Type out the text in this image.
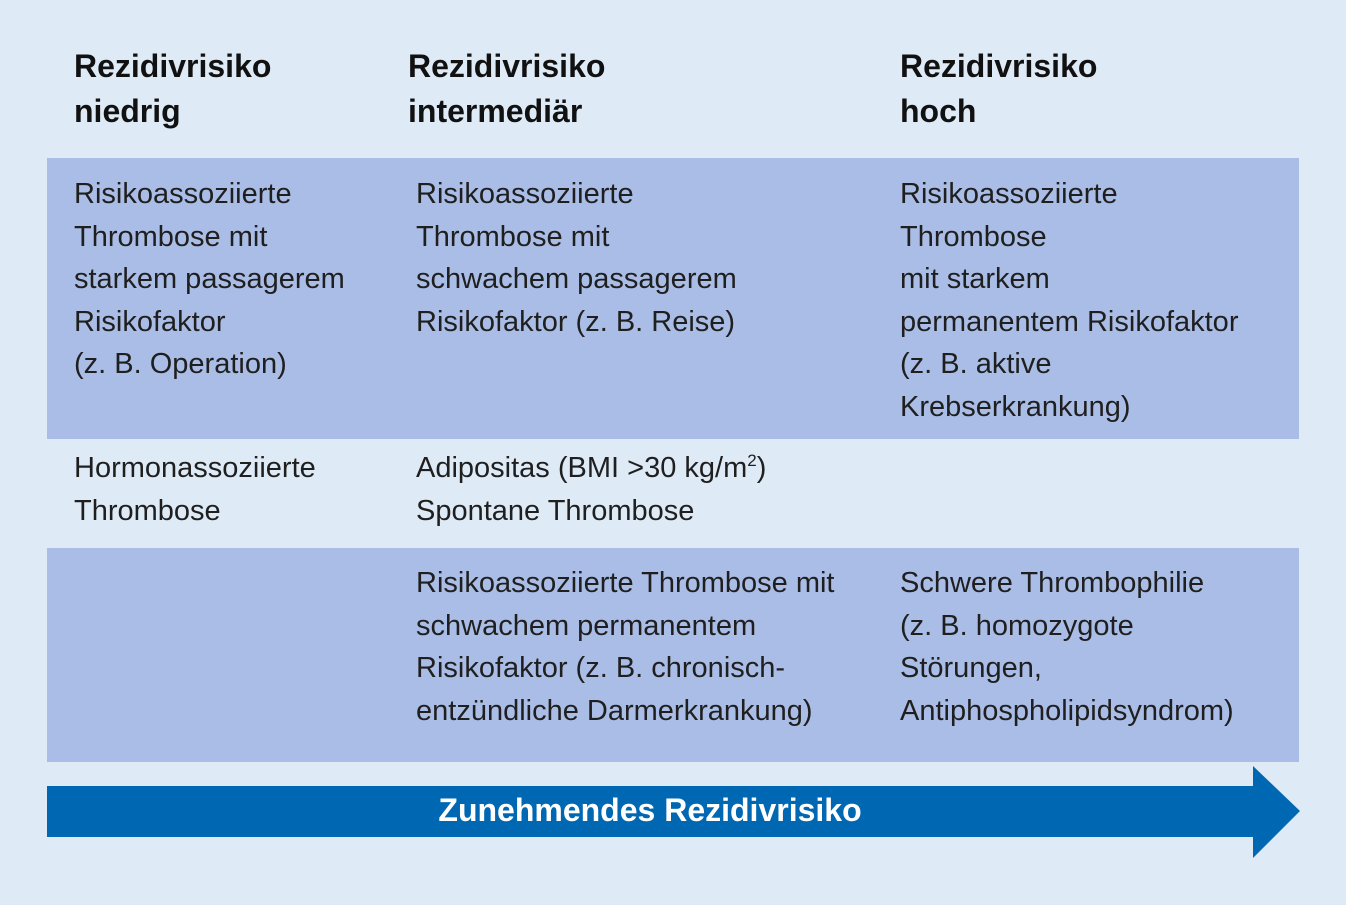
Rezidivrisiko
niedrig
Rezidivrisiko
intermediär
Rezidivrisiko
hoch
Risikoassoziierte
Thrombose mit
starkem passagerem
Risikofaktor
(z. B. Operation)
Risikoassoziierte
Thrombose mit
schwachem passagerem
Risikofaktor (z. B. Reise)
Risikoassoziierte
Thrombose
mit starkem
permanentem Risikofaktor
(z. B. aktive
Krebserkrankung)
Hormonassoziierte
Thrombose
Adipositas (BMI >30 $kg/m^2$)
Spontane Thrombose
Risikoassoziierte Thrombose mit
schwachem permanentem
Risikofaktor (z. B. chronisch-
entzündliche Darmerkrankung)
Schwere Thrombophilie
(z. B. homozygote
Störungen,
Antiphospholipidsyndrom)
Zunehmendes Rezidivrisiko
